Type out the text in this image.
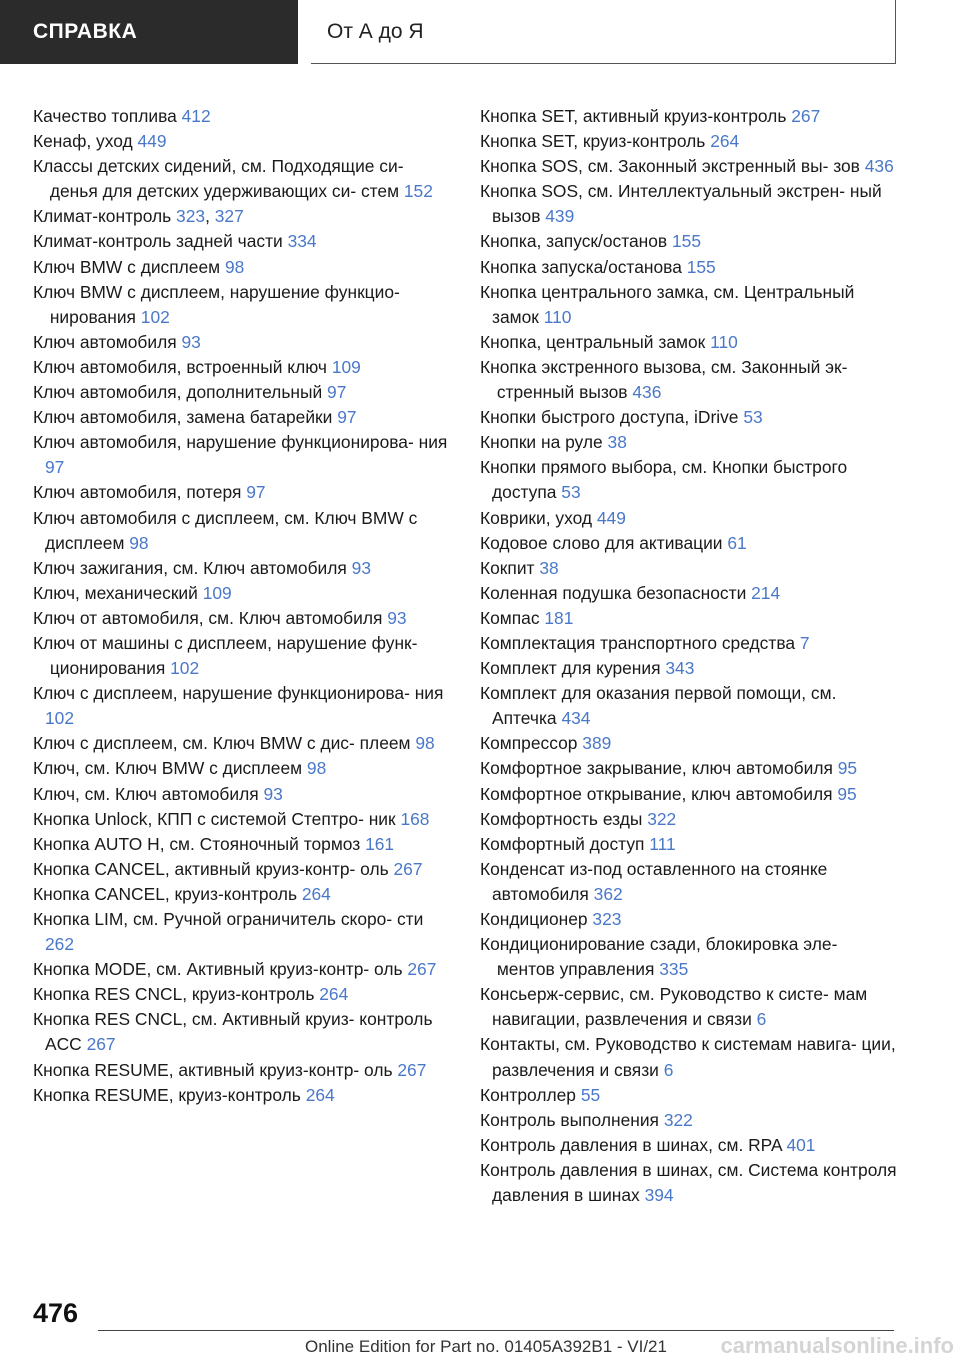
СПРАВКА	От А до Я

Качество топлива 412

Кенаф, уход 449

Классы детских сидений, см. Подходящие си- денья для детских удерживающих си- стем 152

Климат-контроль 323, 327

Климат-контроль задней части 334

Ключ BMW с дисплеем 98

Ключ BMW с дисплеем, нарушение функцио- нирования 102

Ключ автомобиля 93

Ключ автомобиля, встроенный ключ 109

Ключ автомобиля, дополнительный 97

Ключ автомобиля, замена батарейки 97

Ключ автомобиля, нарушение функционирова- ния 97

Ключ автомобиля, потеря 97

Ключ автомобиля с дисплеем, см. Ключ BMW с дисплеем 98

Ключ зажигания, см. Ключ автомобиля 93

Ключ, механический 109

Ключ от автомобиля, см. Ключ автомобиля 93

Ключ от машины с дисплеем, нарушение функ- ционирования 102

Ключ с дисплеем, нарушение функционирова- ния 102

Ключ с дисплеем, см. Ключ BMW с дис- плеем 98

Ключ, см. Ключ BMW с дисплеем 98

Ключ, см. Ключ автомобиля 93

Кнопка Unlock, КПП с системой Стептро- ник 168

Кнопка AUTO H, см. Стояночный тормоз 161

Кнопка CANCEL, активный круиз-контр- оль 267

Кнопка CANCEL, круиз-контроль 264

Кнопка LIM, см. Ручной ограничитель скоро- сти 262

Кнопка MODE, см. Активный круиз-контр- оль 267

Кнопка RES CNCL, круиз-контроль 264

Кнопка RES CNCL, см. Активный круиз- контроль ACC 267

Кнопка RESUME, активный круиз-контр- оль 267

Кнопка RESUME, круиз-контроль 264

Кнопка SET, активный круиз-контроль 267

Кнопка SET, круиз-контроль 264

Кнопка SOS, см. Законный экстренный вы- зов 436

Кнопка SOS, см. Интеллектуальный экстрен- ный вызов 439

Кнопка, запуск/останов 155

Кнопка запуска/останова 155

Кнопка центрального замка, см. Центральный замок 110

Кнопка, центральный замок 110

Кнопка экстренного вызова, см. Законный эк- стренный вызов 436

Кнопки быстрого доступа, iDrive 53

Кнопки на руле 38

Кнопки прямого выбора, см. Кнопки быстрого доступа 53

Коврики, уход 449

Кодовое слово для активации 61

Кокпит 38

Коленная подушка безопасности 214

Компас 181

Комплектация транспортного средства 7

Комплект для курения 343

Комплект для оказания первой помощи, см. Аптечка 434

Компрессор 389

Комфортное закрывание, ключ автомобиля 95

Комфортное открывание, ключ автомобиля 95

Комфортность езды 322

Комфортный доступ 111

Конденсат из-под оставленного на стоянке автомобиля 362

Кондиционер 323

Кондиционирование сзади, блокировка эле- ментов управления 335

Консьерж-сервис, см. Руководство к систе- мам навигации, развлечения и связи 6

Контакты, см. Руководство к системам навига- ции, развлечения и связи 6

Контроллер 55

Контроль выполнения 322

Контроль давления в шинах, см. RPA 401

Контроль давления в шинах, см. Система контроля давления в шинах 394

476
Online Edition for Part no. 01405A392B1 - VI/21 carmanualsonline.info
